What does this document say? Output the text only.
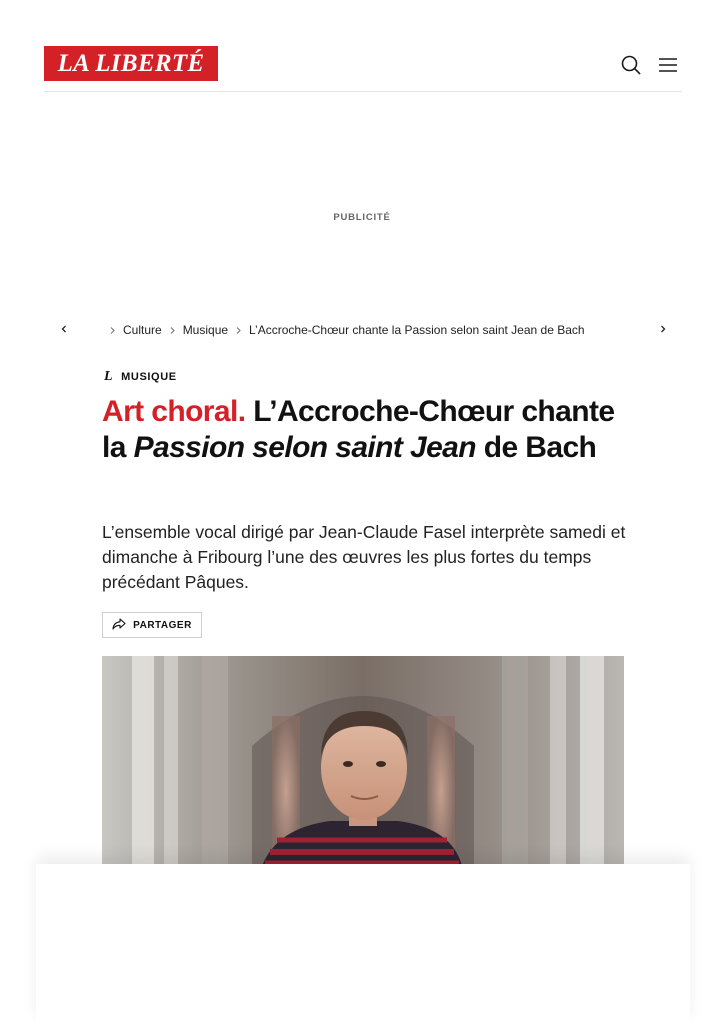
LA LIBERTÉ
PUBLICITÉ
Culture Musique L’Accroche-Chœur chante la Passion selon saint Jean de Bach
L MUSIQUE
Art choral. L’Accroche-Chœur chante la Passion selon saint Jean de Bach

L’ensemble vocal dirigé par Jean-Claude Fasel interprète samedi et dimanche à Fribourg l’une des œuvres les plus fortes du temps précédant Pâques.

PARTAGER
